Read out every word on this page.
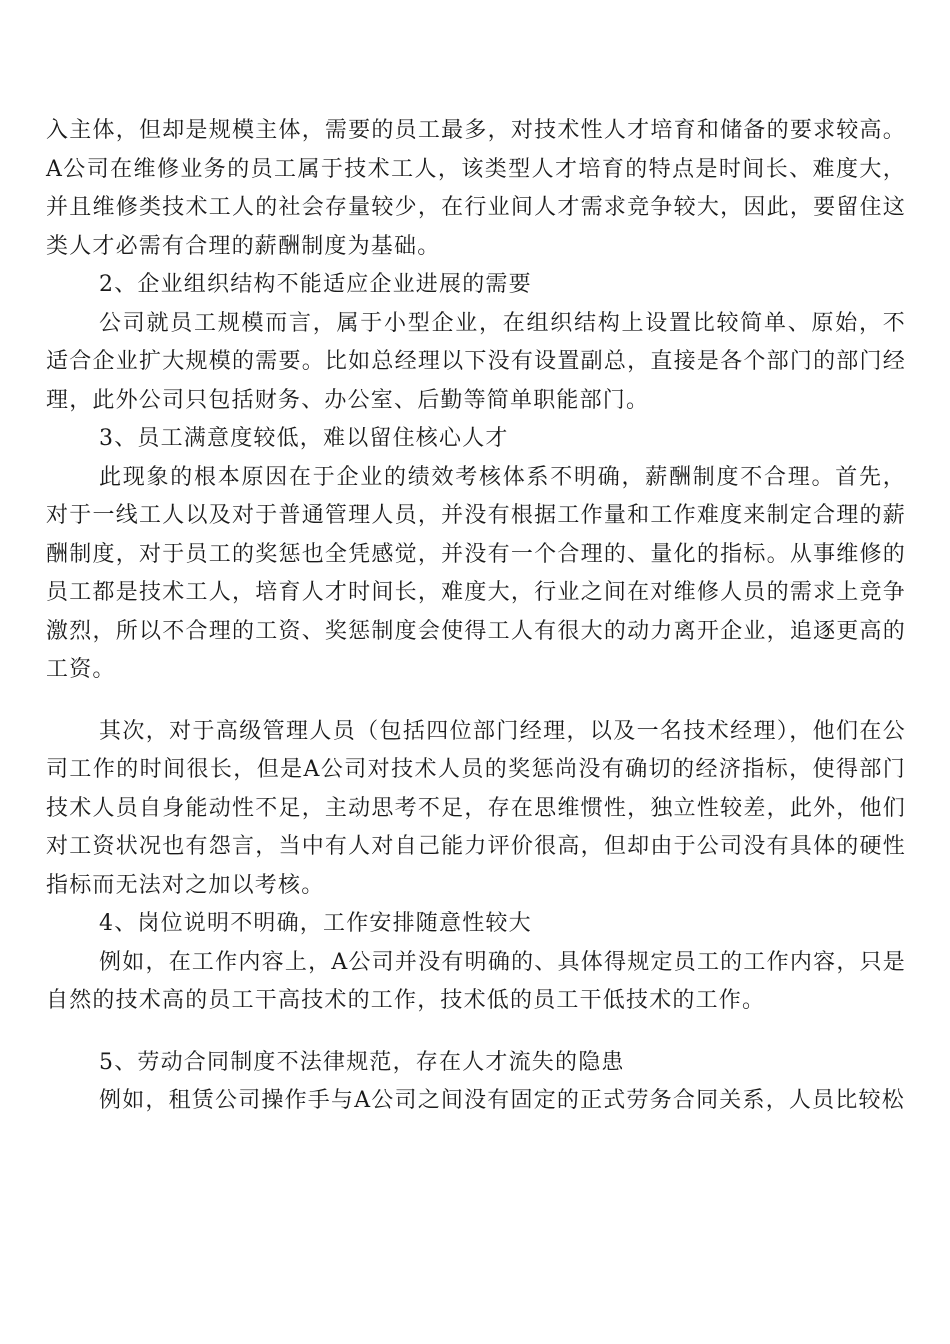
入主体，但却是规模主体，需要的员工最多，对技术性人才培育和储备的要求较高。A公司在维修业务的员工属于技术工人，该类型人才培育的特点是时间长、难度大，并且维修类技术工人的社会存量较少，在行业间人才需求竞争较大，因此，要留住这类人才必需有合理的薪酬制度为基础。

2、企业组织结构不能适应企业进展的需要

公司就员工规模而言，属于小型企业，在组织结构上设置比较简单、原始，不适合企业扩大规模的需要。比如总经理以下没有设置副总，直接是各个部门的部门经理，此外公司只包括财务、办公室、后勤等简单职能部门。

3、员工满意度较低，难以留住核心人才

此现象的根本原因在于企业的绩效考核体系不明确，薪酬制度不合理。首先，对于一线工人以及对于普通管理人员，并没有根据工作量和工作难度来制定合理的薪酬制度，对于员工的奖惩也全凭感觉，并没有一个合理的、量化的指标。从事维修的员工都是技术工人，培育人才时间长，难度大，行业之间在对维修人员的需求上竞争激烈，所以不合理的工资、奖惩制度会使得工人有很大的动力离开企业，追逐更高的工资。

其次，对于高级管理人员（包括四位部门经理，以及一名技术经理），他们在公司工作的时间很长，但是A公司对技术人员的奖惩尚没有确切的经济指标，使得部门技术人员自身能动性不足，主动思考不足，存在思维惯性，独立性较差，此外，他们对工资状况也有怨言，当中有人对自己能力评价很高，但却由于公司没有具体的硬性指标而无法对之加以考核。

4、岗位说明不明确，工作安排随意性较大

例如，在工作内容上，A公司并没有明确的、具体得规定员工的工作内容，只是自然的技术高的员工干高技术的工作，技术低的员工干低技术的工作。

5、劳动合同制度不法律规范，存在人才流失的隐患

例如，租赁公司操作手与A公司之间没有固定的正式劳务合同关系，人员比较松
